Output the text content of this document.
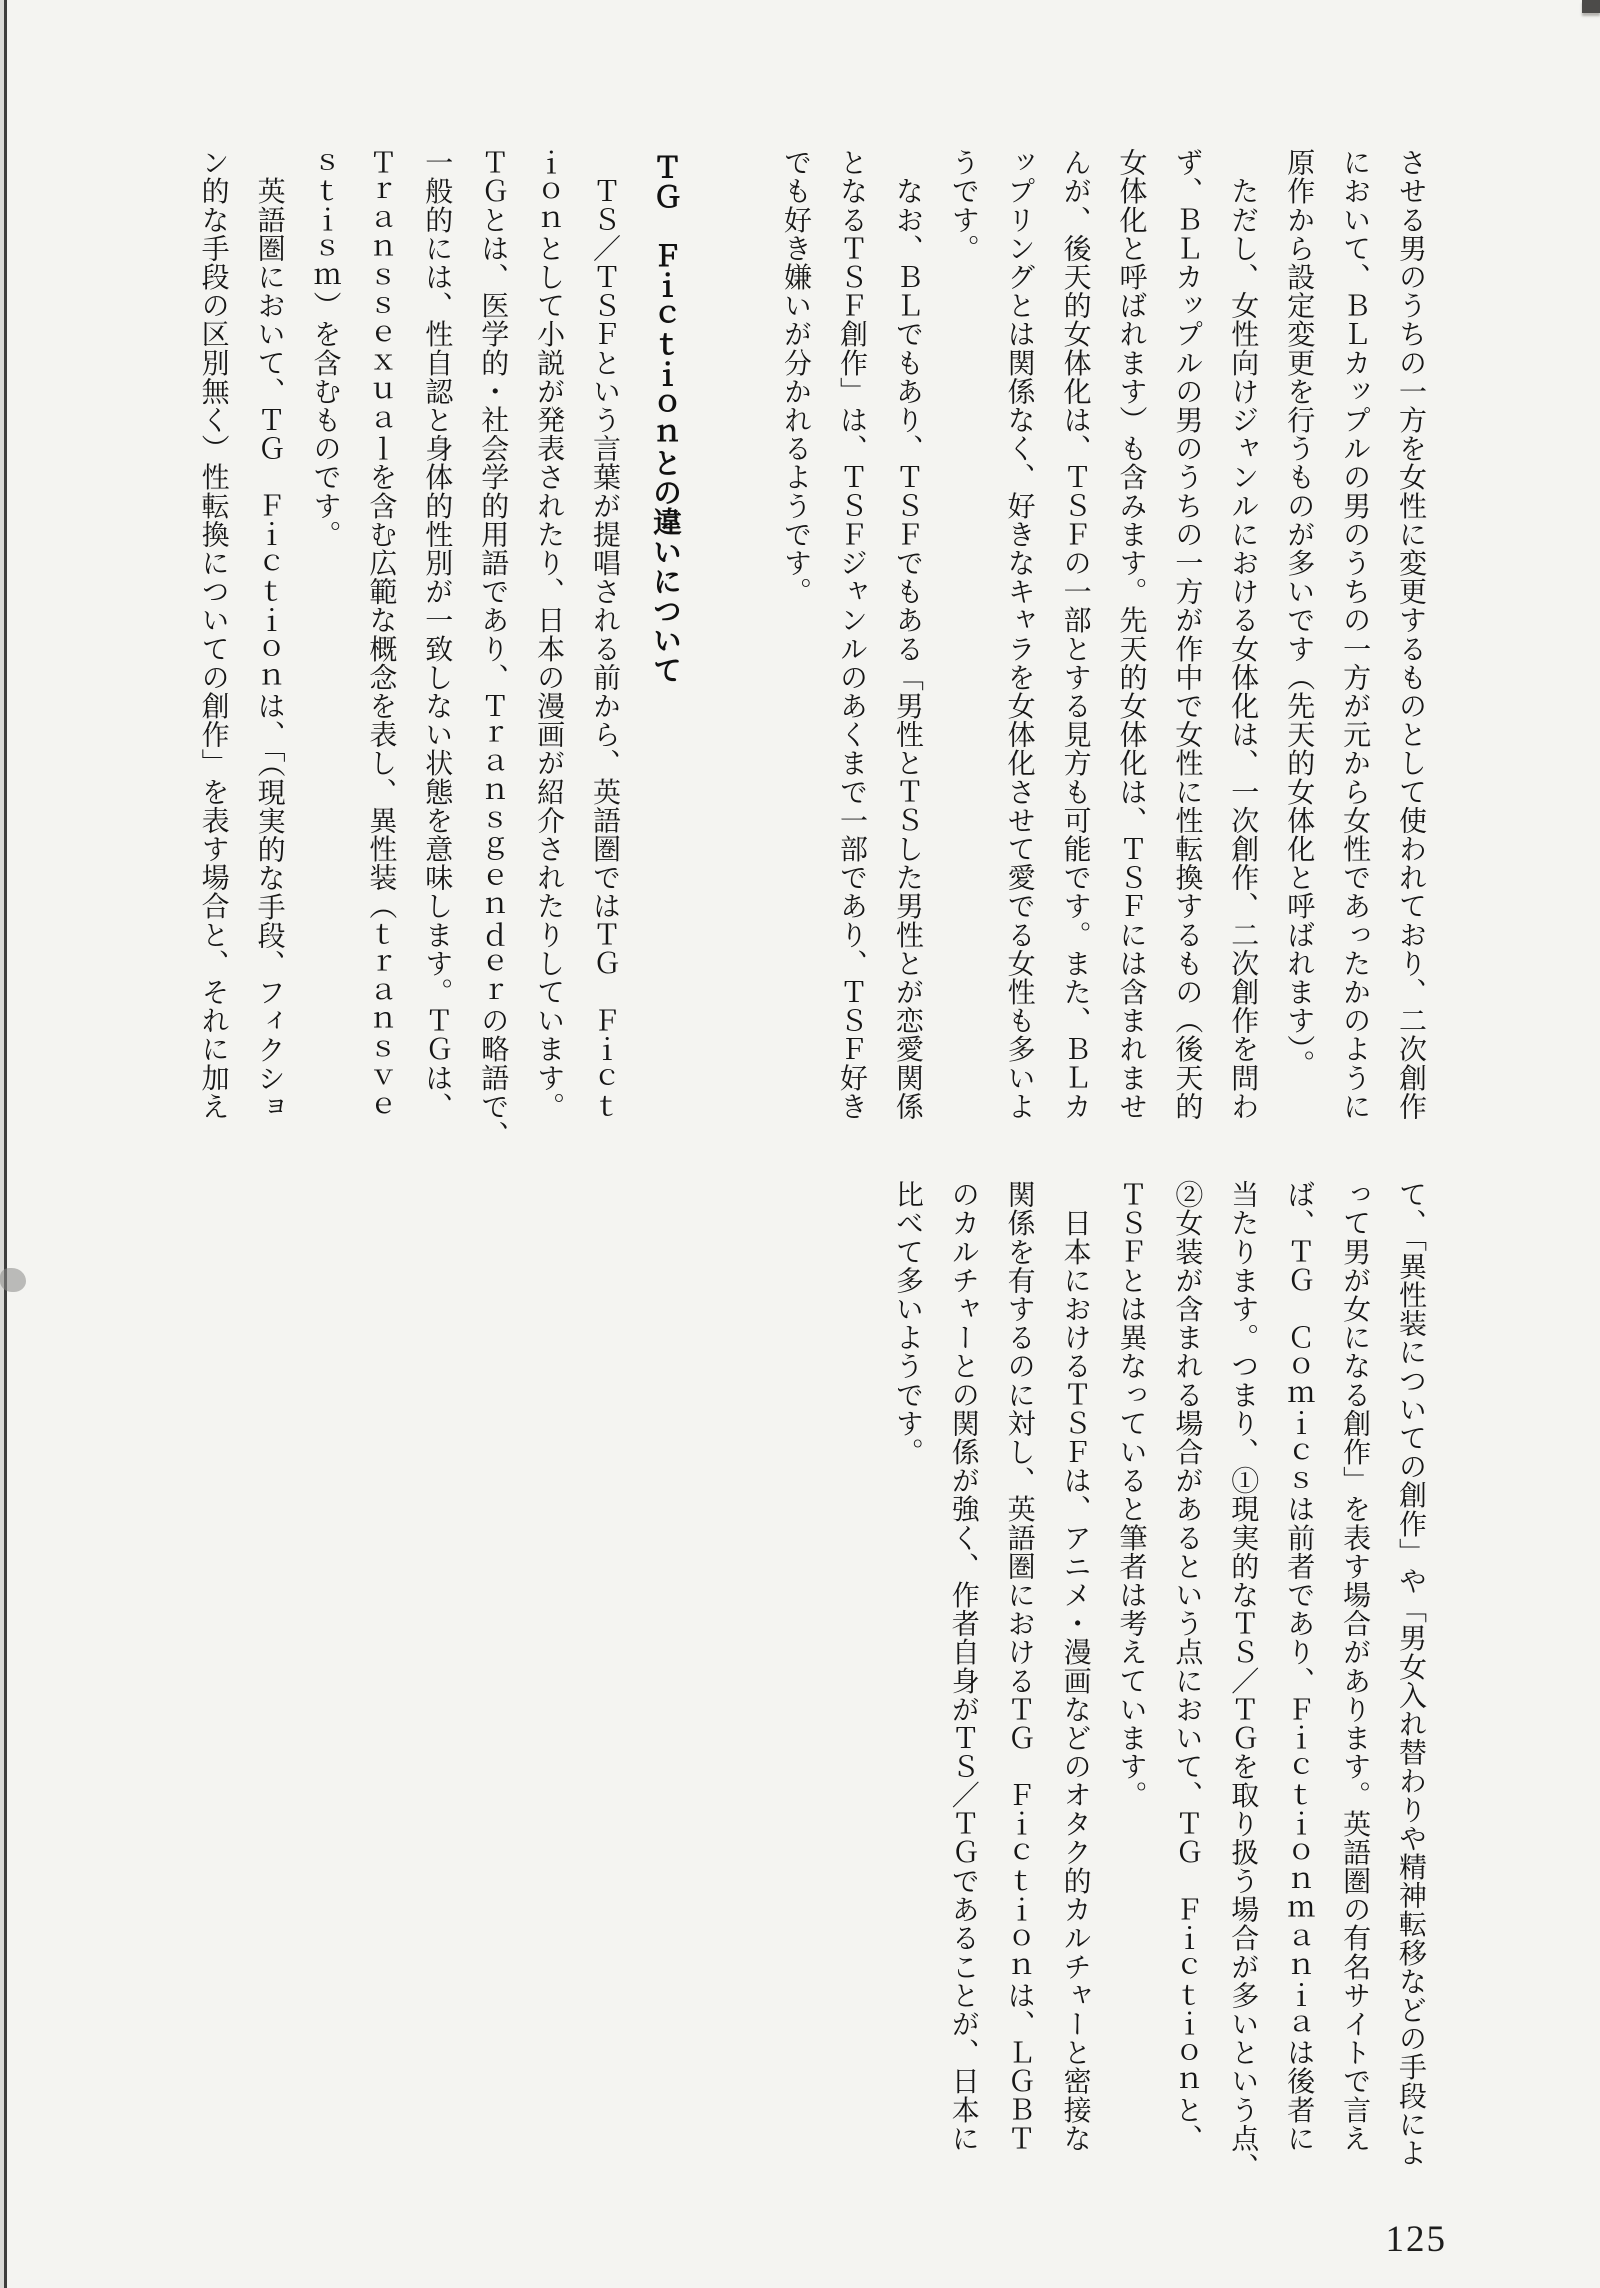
させる男のうちの一方を女性に変更するものとして使われており、二次創作
において、ＢＬカップルの男のうちの一方が元から女性であったかのように
原作から設定変更を行うものが多いです（先天的女体化と呼ばれます）。
　ただし、女性向けジャンルにおける女体化は、一次創作、二次創作を問わ
ず、ＢＬカップルの男のうちの一方が作中で女性に性転換するもの（後天的
女体化と呼ばれます）も含みます。先天的女体化は、ＴＳＦには含まれませ
んが、後天的女体化は、ＴＳＦの一部とする見方も可能です。また、ＢＬカ
ップリングとは関係なく、好きなキャラを女体化させて愛でる女性も多いよ
うです。
　なお、ＢＬでもあり、ＴＳＦでもある「男性とＴＳした男性とが恋愛関係
となるＴＳＦ創作」は、ＴＳＦジャンルのあくまで一部であり、ＴＳＦ好き
でも好き嫌いが分かれるようです。
ＴＧ　Ｆｉｃｔｉｏｎとの違いについて
　ＴＳ／ＴＳＦという言葉が提唱される前から、英語圏ではＴＧ　Ｆｉｃｔ
ｉｏｎとして小説が発表されたり、日本の漫画が紹介されたりしています。
ＴＧとは、医学的・社会学的用語であり、Ｔｒａｎｓｇｅｎｄｅｒの略語で、
一般的には、性自認と身体的性別が一致しない状態を意味します。ＴＧは、
Ｔｒａｎｓｓｅｘｕａｌを含む広範な概念を表し、異性装（ｔｒａｎｓｖｅ
ｓｔｉｓｍ）を含むものです。
　英語圏において、ＴＧ　Ｆｉｃｔｉｏｎは、「（現実的な手段、フィクショ
ン的な手段の区別無く）性転換についての創作」を表す場合と、それに加え
て、「異性装についての創作」や「男女入れ替わりや精神転移などの手段によ
って男が女になる創作」を表す場合があります。英語圏の有名サイトで言え
ば、ＴＧ　Ｃｏｍｉｃｓは前者であり、Ｆｉｃｔｉｏｎｍａｎｉａは後者に
当たります。つまり、①現実的なＴＳ／ＴＧを取り扱う場合が多いという点、
②女装が含まれる場合があるという点において、ＴＧ　Ｆｉｃｔｉｏｎと、
ＴＳＦとは異なっていると筆者は考えています。
　日本におけるＴＳＦは、アニメ・漫画などのオタク的カルチャーと密接な
関係を有するのに対し、英語圏におけるＴＧ　Ｆｉｃｔｉｏｎは、ＬＧＢＴ
のカルチャーとの関係が強く、作者自身がＴＳ／ＴＧであることが、日本に
比べて多いようです。
125
